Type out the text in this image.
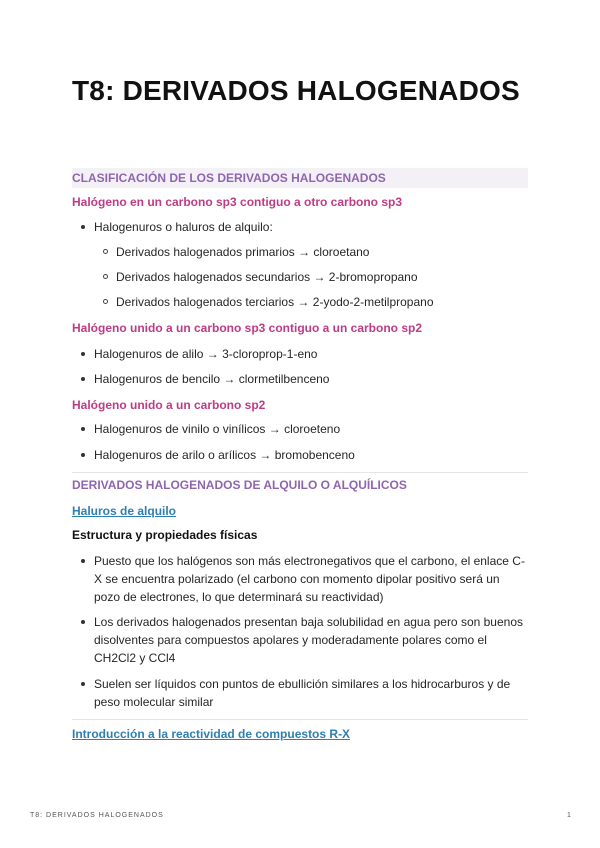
T8: DERIVADOS HALOGENADOS
CLASIFICACIÓN DE LOS DERIVADOS HALOGENADOS
Halógeno en un carbono sp3 contiguo a otro carbono sp3
Halogenuros o haluros de alquilo:
Derivados halogenados primarios → cloroetano
Derivados halogenados secundarios → 2-bromopropano
Derivados halogenados terciarios → 2-yodo-2-metilpropano
Halógeno unido a un carbono sp3 contiguo a un carbono sp2
Halogenuros de alilo → 3-cloroprop-1-eno
Halogenuros de bencilo → clormetilbenceno
Halógeno unido a un carbono sp2
Halogenuros de vinilo o vinílicos → cloroeteno
Halogenuros de arilo o arílicos → bromobenceno
DERIVADOS HALOGENADOS DE ALQUILO O ALQUÍLICOS
Haluros de alquilo
Estructura y propiedades físicas
Puesto que los halógenos son más electronegativos que el carbono, el enlace C-X se encuentra polarizado (el carbono con momento dipolar positivo será un pozo de electrones, lo que determinará su reactividad)
Los derivados halogenados presentan baja solubilidad en agua pero son buenos disolventes para compuestos apolares y moderadamente polares como el CH2Cl2 y CCl4
Suelen ser líquidos con puntos de ebullición similares a los hidrocarburos y de peso molecular similar
Introducción a la reactividad de compuestos R-X
T8: DERIVADOS HALOGENADOS	1
